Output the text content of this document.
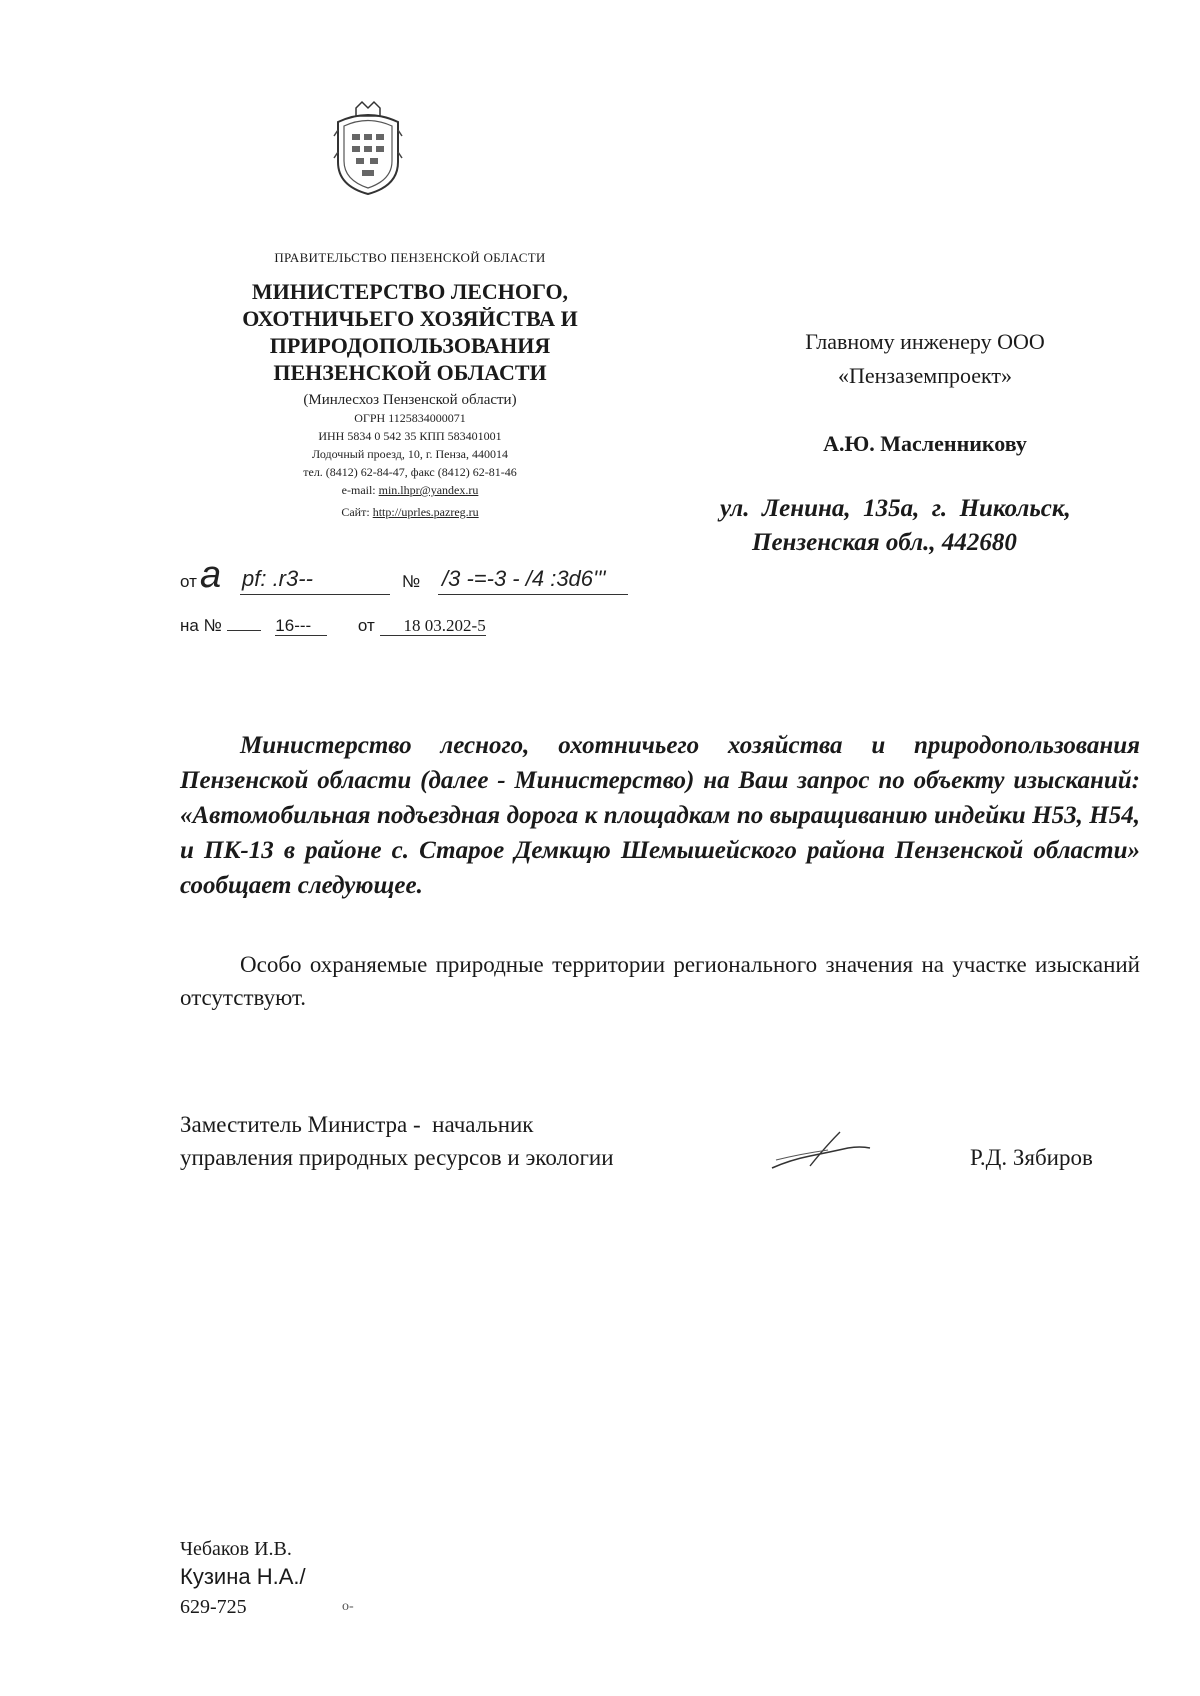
ПРАВИТЕЛЬСТВО ПЕНЗЕНСКОЙ ОБЛАСТИ
МИНИСТЕРСТВО ЛЕСНОГО,
ОХОТНИЧЬЕГО ХОЗЯЙСТВА И
ПРИРОДОПОЛЬЗОВАНИЯ
ПЕНЗЕНСКОЙ ОБЛАСТИ
(Минлесхоз Пензенской области)
ОГРН 1125834000071
ИНН 5834 0 542 35 КПП 583401001
Лодочный проезд, 10, г. Пенза, 440014
тел. (8412) 62-84-47, факс (8412) 62-81-46
e-mail: min.lhpr@yandex.ru
Сайт: http://uprles.pazreg.ru
от a pf: .r3--	№ /3 -=-3 - /4 :3d6'''
на №	16---	от 18 03.202-5
Главному инженеру ООО
«Пензаземпроект»
А.Ю. Масленникову
ул.  Ленина,  135а,  г.  Никольск,
Пензенская обл., 442680
Министерство лесного, охотничьего хозяйства и природопользования Пензенской области (далее - Министерство) на Ваш запрос по объекту изысканий: «Автомобильная подъездная дорога к площадкам по выращиванию индейки Н53, Н54, и ПК-13 в районе с. Старое Демкщю Шемышейского района Пензенской области»
сообщает следующее.
Особо охраняемые природные территории регионального значения на участке изысканий отсутствуют.
Заместитель Министра -  начальник
управления природных ресурсов и экологии	Р.Д. Зябиров
Чебаков И.В.
Кузина Н.А./
629-725	о-
